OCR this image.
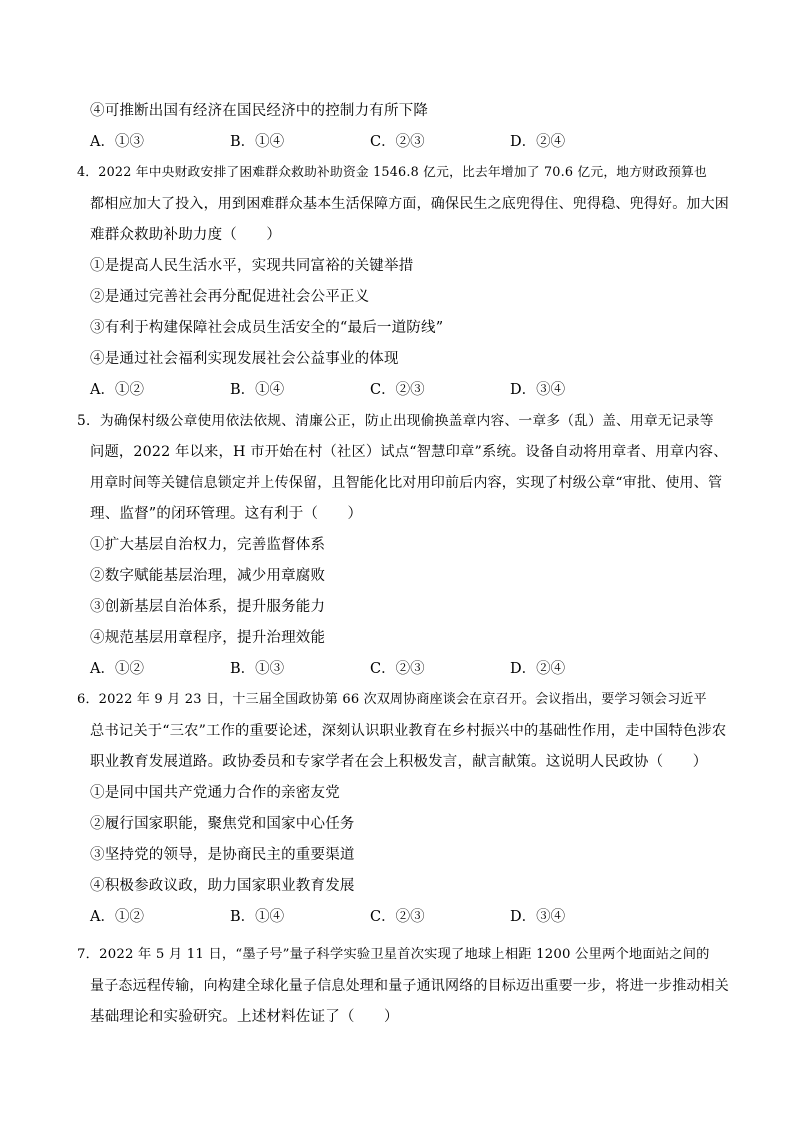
④可推断出国有经济在国民经济中的控制力有所下降
A．①③	B．①④	C．②③	D．②④
4．2022 年中央财政安排了困难群众救助补助资金 1546.8 亿元，比去年增加了 70.6 亿元，地方财政预算也
都相应加大了投入，用到困难群众基本生活保障方面，确保民生之底兜得住、兜得稳、兜得好。加大困
难群众救助补助力度（　　）
①是提高人民生活水平，实现共同富裕的关键举措
②是通过完善社会再分配促进社会公平正义
③有利于构建保障社会成员生活安全的“最后一道防线”
④是通过社会福利实现发展社会公益事业的体现
A．①②	B．①④	C．②③	D．③④
5．为确保村级公章使用依法依规、清廉公正，防止出现偷换盖章内容、一章多（乱）盖、用章无记录等
问题，2022 年以来，H 市开始在村（社区）试点“智慧印章”系统。设备自动将用章者、用章内容、
用章时间等关键信息锁定并上传保留，且智能化比对用印前后内容，实现了村级公章“审批、使用、管
理、监督”的闭环管理。这有利于（　　）
①扩大基层自治权力，完善监督体系
②数字赋能基层治理，减少用章腐败
③创新基层自治体系，提升服务能力
④规范基层用章程序，提升治理效能
A．①②	B．①③	C．②③	D．②④
6．2022 年 9 月 23 日，十三届全国政协第 66 次双周协商座谈会在京召开。会议指出，要学习领会习近平
总书记关于“三农”工作的重要论述，深刻认识职业教育在乡村振兴中的基础性作用，走中国特色涉农
职业教育发展道路。政协委员和专家学者在会上积极发言，献言献策。这说明人民政协（　　）
①是同中国共产党通力合作的亲密友党
②履行国家职能，聚焦党和国家中心任务
③坚持党的领导，是协商民主的重要渠道
④积极参政议政，助力国家职业教育发展
A．①②	B．①④	C．②③	D．③④
7．2022 年 5 月 11 日，“墨子号”量子科学实验卫星首次实现了地球上相距 1200 公里两个地面站之间的
量子态远程传输，向构建全球化量子信息处理和量子通讯网络的目标迈出重要一步，将进一步推动相关
基础理论和实验研究。上述材料佐证了（　　）
